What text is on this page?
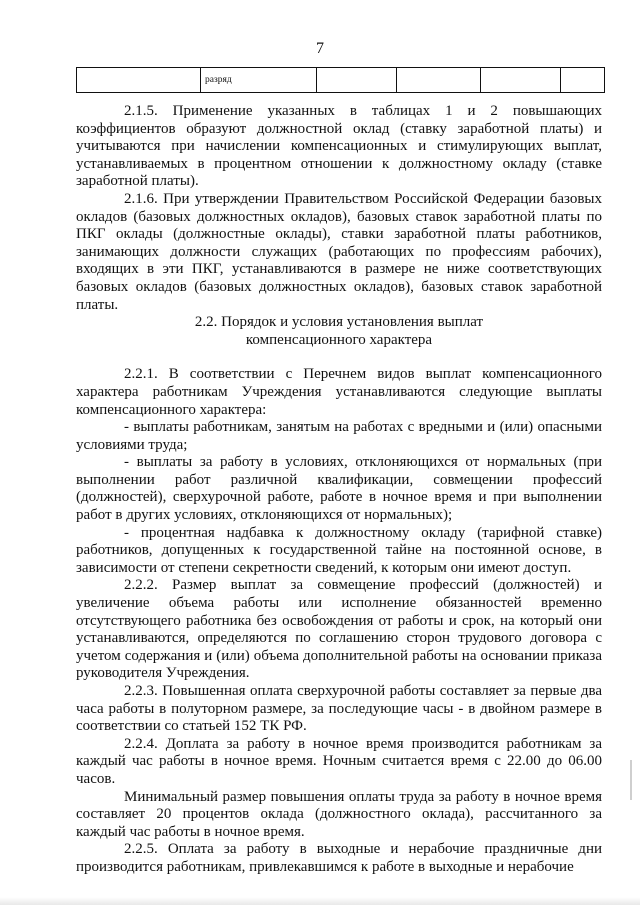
7
	разряд				

2.1.5. Применение указанных в таблицах 1 и 2 повышающих коэффициентов образуют должностной оклад (ставку заработной платы) и учитываются при начислении компенсационных и стимулирующих выплат, устанавливаемых в процентном отношении к должностному окладу (ставке заработной платы).

2.1.6. При утверждении Правительством Российской Федерации базовых окладов (базовых должностных окладов), базовых ставок заработной платы по ПКГ оклады (должностные оклады), ставки заработной платы работников, занимающих должности служащих (работающих по профессиям рабочих), входящих в эти ПКГ, устанавливаются в размере не ниже соответствующих базовых окладов (базовых должностных окладов), базовых ставок заработной платы.

2.2. Порядок и условия установления выплат

компенсационного характера

2.2.1. В соответствии с Перечнем видов выплат компенсационного характера работникам Учреждения устанавливаются следующие выплаты компенсационного характера:

- выплаты работникам, занятым на работах с вредными и (или) опасными условиями труда;

- выплаты за работу в условиях, отклоняющихся от нормальных (при выполнении работ различной квалификации, совмещении профессий (должностей), сверхурочной работе, работе в ночное время и при выполнении работ в других условиях, отклоняющихся от нормальных);

- процентная надбавка к должностному окладу (тарифной ставке) работников, допущенных к государственной тайне на постоянной основе, в зависимости от степени секретности сведений, к которым они имеют доступ.

2.2.2. Размер выплат за совмещение профессий (должностей) и увеличение объема работы или исполнение обязанностей временно отсутствующего работника без освобождения от работы и срок, на который они устанавливаются, определяются по соглашению сторон трудового договора с учетом содержания и (или) объема дополнительной работы на основании приказа руководителя Учреждения.

2.2.3. Повышенная оплата сверхурочной работы составляет за первые два часа работы в полуторном размере, за последующие часы - в двойном размере в соответствии со статьей 152 ТК РФ.

2.2.4. Доплата за работу в ночное время производится работникам за каждый час работы в ночное время. Ночным считается время с 22.00 до 06.00 часов.

Минимальный размер повышения оплаты труда за работу в ночное время составляет 20 процентов оклада (должностного оклада), рассчитанного за каждый час работы в ночное время.

2.2.5. Оплата за работу в выходные и нерабочие праздничные дни производится работникам, привлекавшимся к работе в выходные и нерабочие
